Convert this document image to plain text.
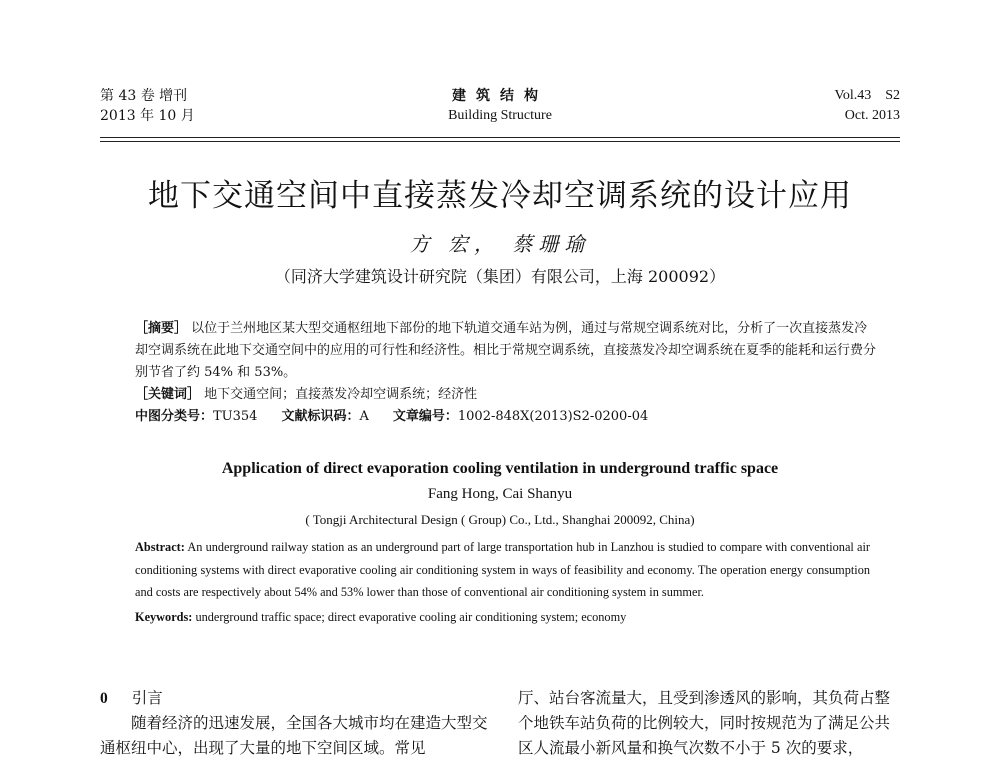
第 43 卷 增刊
2013 年 10 月
建筑结构
Building Structure
Vol.43    S2
Oct. 2013
地下交通空间中直接蒸发冷却空调系统的设计应用
方 宏， 蔡珊瑜
（同济大学建筑设计研究院（集团）有限公司，上海 200092）

［摘要］ 以位于兰州地区某大型交通枢纽地下部份的地下轨道交通车站为例，通过与常规空调系统对比，分析了一次直接蒸发冷却空调系统在此地下交通空间中的应用的可行性和经济性。相比于常规空调系统，直接蒸发冷却空调系统在夏季的能耗和运行费分别节省了约 54% 和 53%。

［关键词］ 地下交通空间；直接蒸发冷却空调系统；经济性

中图分类号：TU354 文献标识码：A 文章编号：1002-848X(2013)S2-0200-04

Application of direct evaporation cooling ventilation in underground traffic space
Fang Hong, Cai Shanyu
( Tongji Architectural Design ( Group) Co., Ltd., Shanghai 200092, China)

Abstract: An underground railway station as an underground part of large transportation hub in Lanzhou is studied to compare with conventional air conditioning systems with direct evaporative cooling air conditioning system in ways of feasibility and economy. The operation energy consumption and costs are respectively about 54% and 53% lower than those of conventional air conditioning system in summer.

Keywords: underground traffic space; direct evaporative cooling air conditioning system; economy

0 引言

随着经济的迅速发展，全国各大城市均在建造大型交通枢纽中心，出现了大量的地下空间区域。常见

厅、站台客流量大，且受到渗透风的影响，其负荷占整个地铁车站负荷的比例较大，同时按规范为了满足公共区人流最小新风量和换气次数不小于 5 次的要求，
